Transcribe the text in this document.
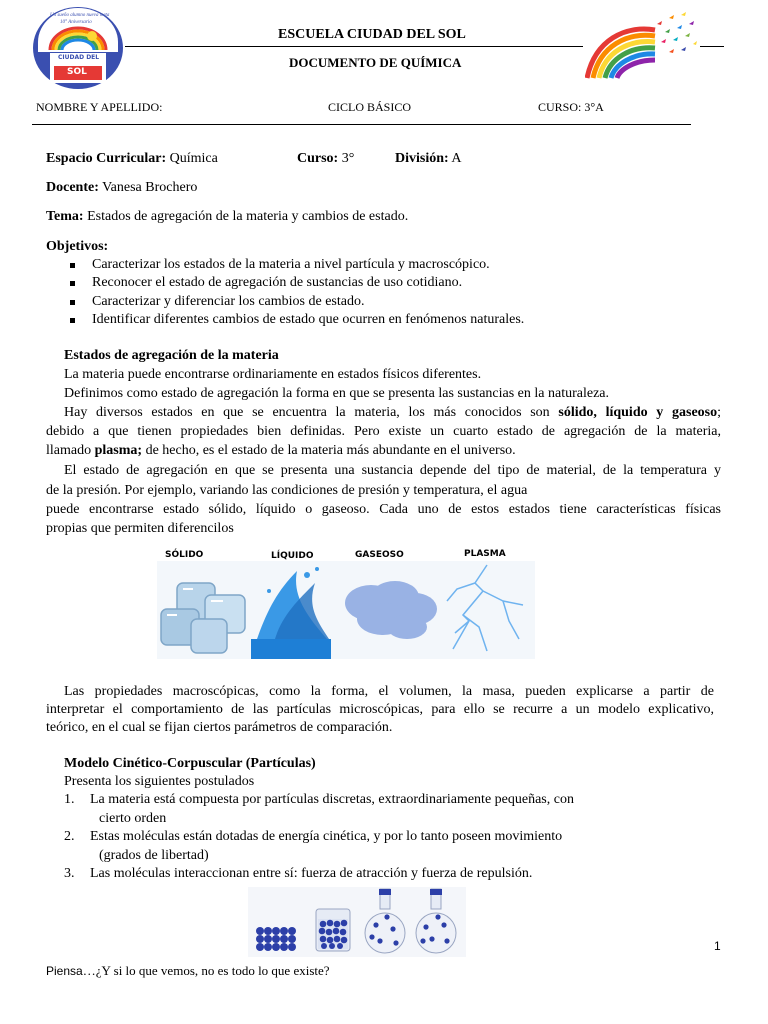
Un sueño alumno nueva meta
10° Aniversario
CIUDAD DEL
SOL
ESCUELA CIUDAD DEL SOL
DOCUMENTO DE QUÍMICA
NOMBRE Y APELLIDO:	CICLO BÁSICO	CURSO: 3°A
Espacio Curricular: Química	Curso: 3°	División: A
Docente: Vanesa Brochero
Tema: Estados de agregación de la materia y cambios de estado.
Objetivos:
Caracterizar los estados de la materia a nivel partícula y macroscópico.
Reconocer el estado de agregación de sustancias de uso cotidiano.
Caracterizar y diferenciar los cambios de estado.
Identificar diferentes cambios de estado que ocurren en fenómenos naturales.
Estados de agregación de la materia
La materia puede encontrarse ordinariamente en estados físicos diferentes.
Definimos como estado de agregación la forma en que se presenta las sustancias en la naturaleza.
Hay diversos estados en que se encuentra la materia, los más conocidos son sólido, líquido y gaseoso;
debido a que tienen propiedades bien definidas. Pero existe un cuarto estado de agregación de la materia,
llamado plasma; de hecho, es el estado de la materia más abundante en el universo.
El estado de agregación en que se presenta una sustancia depende del tipo de material, de la temperatura y
de la presión. Por ejemplo, variando las condiciones de presión y temperatura, el agua
puede encontrarse estado sólido, líquido o gaseoso. Cada uno de estos estados tiene características físicas
propias que permiten diferencilos
SÓLIDO	LÍQUIDO	GASEOSO	PLASMA
Las propiedades macroscópicas, como la forma, el volumen, la masa, pueden explicarse a partir de
interpretar el comportamiento de las partículas microscópicas, para ello se recurre a un modelo explicativo,
teórico, en el cual se fijan ciertos parámetros de comparación.
Modelo Cinético-Corpuscular (Partículas)
Presenta los siguientes postulados
1. La materia está compuesta por partículas discretas, extraordinariamente pequeñas, con
cierto orden
2. Estas moléculas están dotadas de energía cinética, y por lo tanto poseen movimiento
(grados de libertad)
3. Las moléculas interaccionan entre sí: fuerza de atracción y fuerza de repulsión.
1
Piensa…¿Y si lo que vemos, no es todo lo que existe?
